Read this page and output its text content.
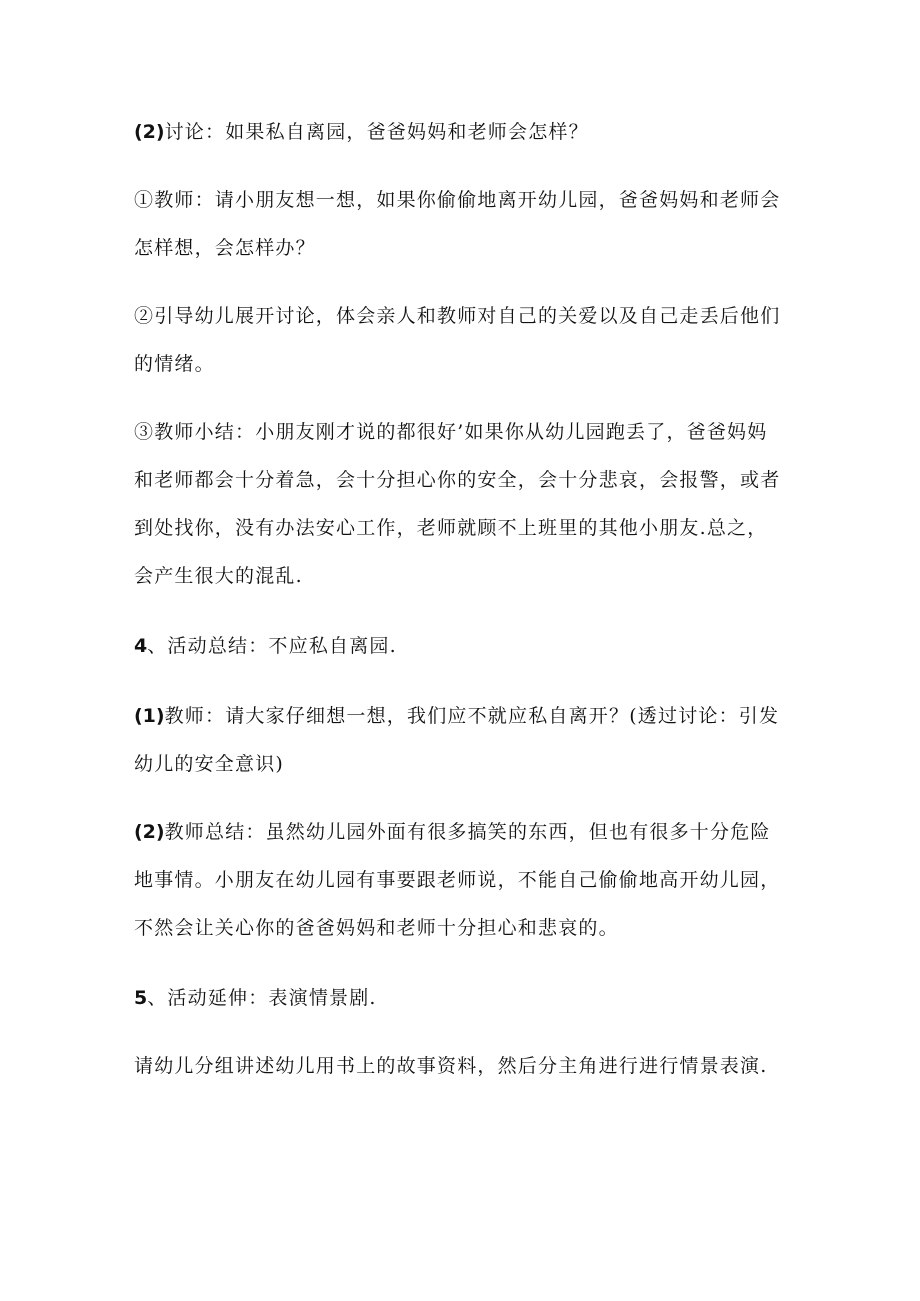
(2)讨论：如果私自离园，爸爸妈妈和老师会怎样？

①教师：请小朋友想一想，如果你偷偷地离开幼儿园，爸爸妈妈和老师会怎样想，会怎样办？

②引导幼儿展开讨论，体会亲人和教师对自己的关爱以及自己走丢后他们的情绪。

③教师小结：小朋友刚才说的都很好’如果你从幼儿园跑丢了，爸爸妈妈和老师都会十分着急，会十分担心你的安全，会十分悲哀，会报警，或者到处找你，没有办法安心工作，老师就顾不上班里的其他小朋友.总之，会产生很大的混乱.

4、活动总结：不应私自离园.

(1)教师：请大家仔细想一想，我们应不就应私自离开？(透过讨论：引发幼儿的安全意识)

(2)教师总结：虽然幼儿园外面有很多搞笑的东西，但也有很多十分危险地事情。小朋友在幼儿园有事要跟老师说，不能自己偷偷地高开幼儿园，不然会让关心你的爸爸妈妈和老师十分担心和悲哀的。

5、活动延伸：表演情景剧.

请幼儿分组讲述幼儿用书上的故事资料，然后分主角进行进行情景表演.
